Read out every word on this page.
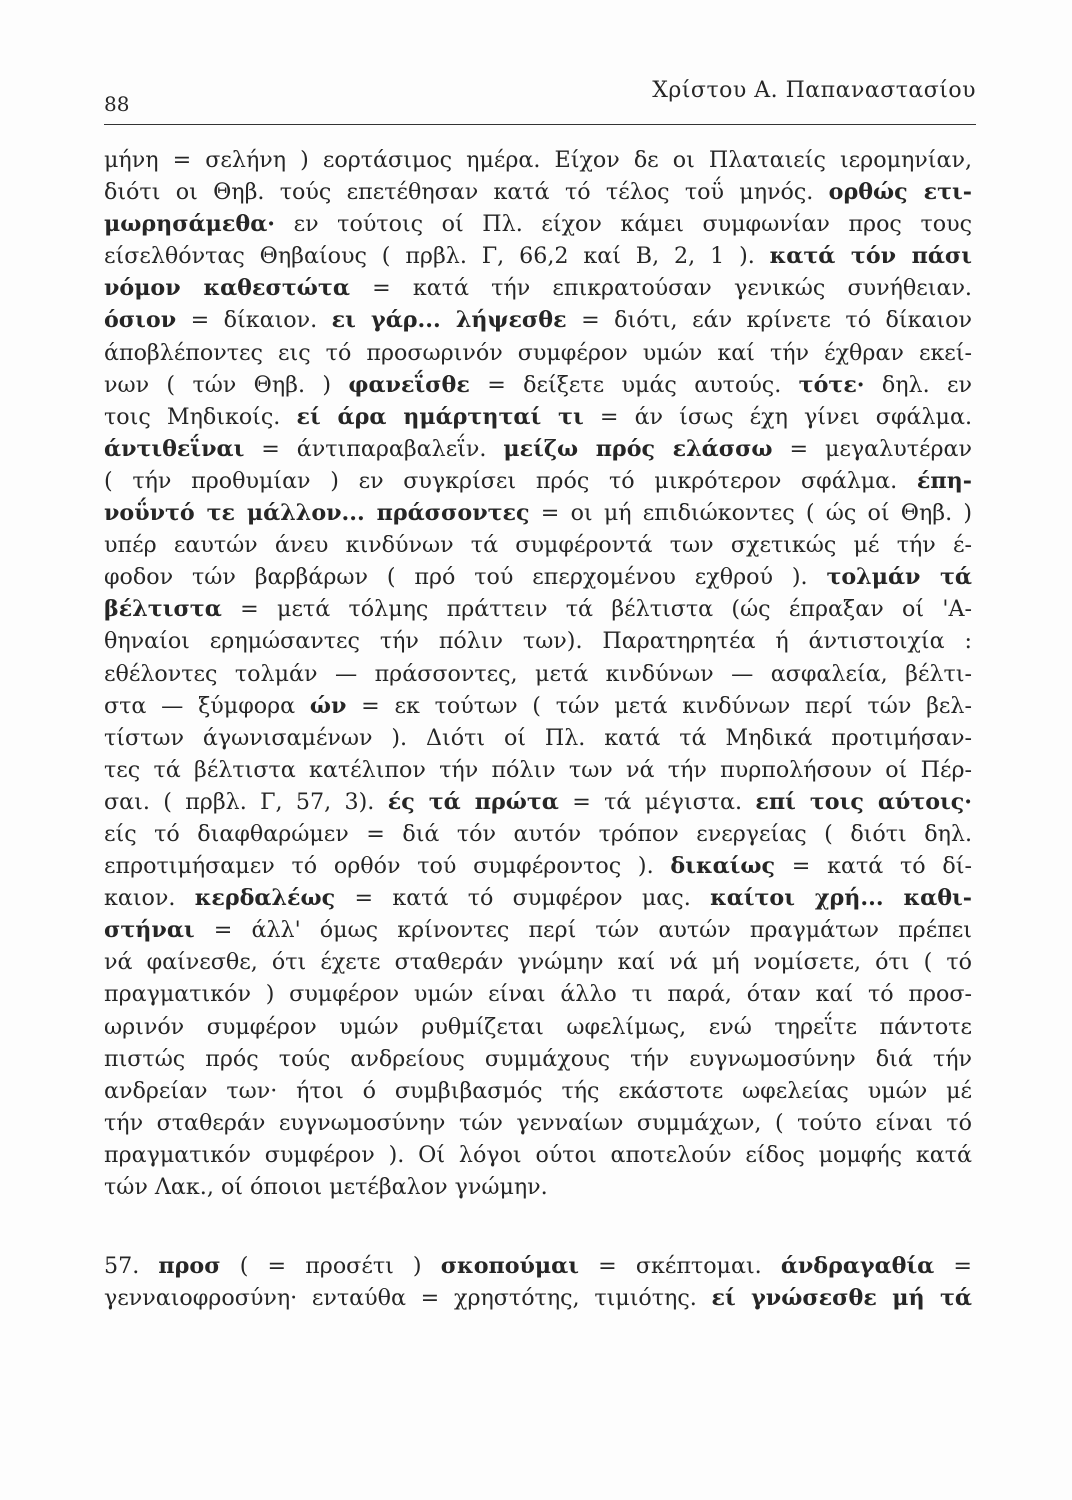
88
Χρίστου Α. Παπαναστασίου
μήνη = σελήνη ) εορτάσιμος ημέρα. Είχον δε οι Πλαταιείς ιερομηνίαν,
διότι οι Θηβ. τούς επετέθησαν κατά τό τέλος τοΰ μηνός. ορθώς ετι-
μωρησάμεθα· εν τούτοις οί Πλ. είχον κάμει συμφωνίαν προς τους
είσελθόντας Θηβαίους ( πρβλ. Γ, 66,2 καί Β, 2, 1 ). κατά τόν πάσι
νόμον καθεστώτα = κατά τήν επικρατούσαν γενικώς συνήθειαν.
όσιον = δίκαιον. ει γάρ... λήψεσθε = διότι, εάν κρίνετε τό δίκαιον
άποβλέποντες εις τό προσωρινόν συμφέρον υμών καί τήν έχθραν εκεί-
νων ( τών Θηβ. ) φανεΐσθε = δείξετε υμάς αυτούς. τότε· δηλ. εν
τοις Μηδικοίς. εί άρα ημάρτηταί τι = άν ίσως έχη γίνει σφάλμα.
άντιθεΐναι = άντιπαραβαλεΐν. μείζω πρός ελάσσω = μεγαλυτέραν
( τήν προθυμίαν ) εν συγκρίσει πρός τό μικρότερον σφάλμα. έπη-
νοΰντό τε μάλλον... πράσσοντες = οι μή επιδιώκοντες ( ώς οί Θηβ. )
υπέρ εαυτών άνευ κινδύνων τά συμφέροντά των σχετικώς μέ τήν έ-
φοδον τών βαρβάρων ( πρό τού επερχομένου εχθρού ). τολμάν τά
βέλτιστα = μετά τόλμης πράττειν τά βέλτιστα (ώς έπραξαν οί 'Α-
θηναίοι ερημώσαντες τήν πόλιν των). Παρατηρητέα ή άντιστοιχία :
εθέλοντες τολμάν — πράσσοντες, μετά κινδύνων — ασφαλεία, βέλτι-
στα — ξύμφορα ών = εκ τούτων ( τών μετά κινδύνων περί τών βελ-
τίστων άγωνισαμένων ). Διότι οί Πλ. κατά τά Μηδικά προτιμήσαν-
τες τά βέλτιστα κατέλιπον τήν πόλιν των νά τήν πυρπολήσουν οί Πέρ-
σαι. ( πρβλ. Γ, 57, 3). ές τά πρώτα = τά μέγιστα. επί τοις αύτοις·
είς τό διαφθαρώμεν = διά τόν αυτόν τρόπον ενεργείας ( διότι δηλ.
επροτιμήσαμεν τό ορθόν τού συμφέροντος ). δικαίως = κατά τό δί-
καιον. κερδαλέως = κατά τό συμφέρον μας. καίτοι χρή... καθι-
στήναι = άλλ' όμως κρίνοντες περί τών αυτών πραγμάτων πρέπει
νά φαίνεσθε, ότι έχετε σταθεράν γνώμην καί νά μή νομίσετε, ότι ( τό
πραγματικόν ) συμφέρον υμών είναι άλλο τι παρά, όταν καί τό προσ-
ωρινόν συμφέρον υμών ρυθμίζεται ωφελίμως, ενώ τηρεΐτε πάντοτε
πιστώς πρός τούς ανδρείους συμμάχους τήν ευγνωμοσύνην διά τήν
ανδρείαν των· ήτοι ό συμβιβασμός τής εκάστοτε ωφελείας υμών μέ
τήν σταθεράν ευγνωμοσύνην τών γενναίων συμμάχων, ( τούτο είναι τό
πραγματικόν συμφέρον ). Οί λόγοι ούτοι αποτελούν είδος μομφής κατά
τών Λακ., οί όποιοι μετέβαλον γνώμην.
57. προσ ( = προσέτι ) σκοπούμαι = σκέπτομαι. άνδραγαθία =
γενναιοφροσύνη· ενταύθα = χρηστότης, τιμιότης. εί γνώσεσθε μή τά
